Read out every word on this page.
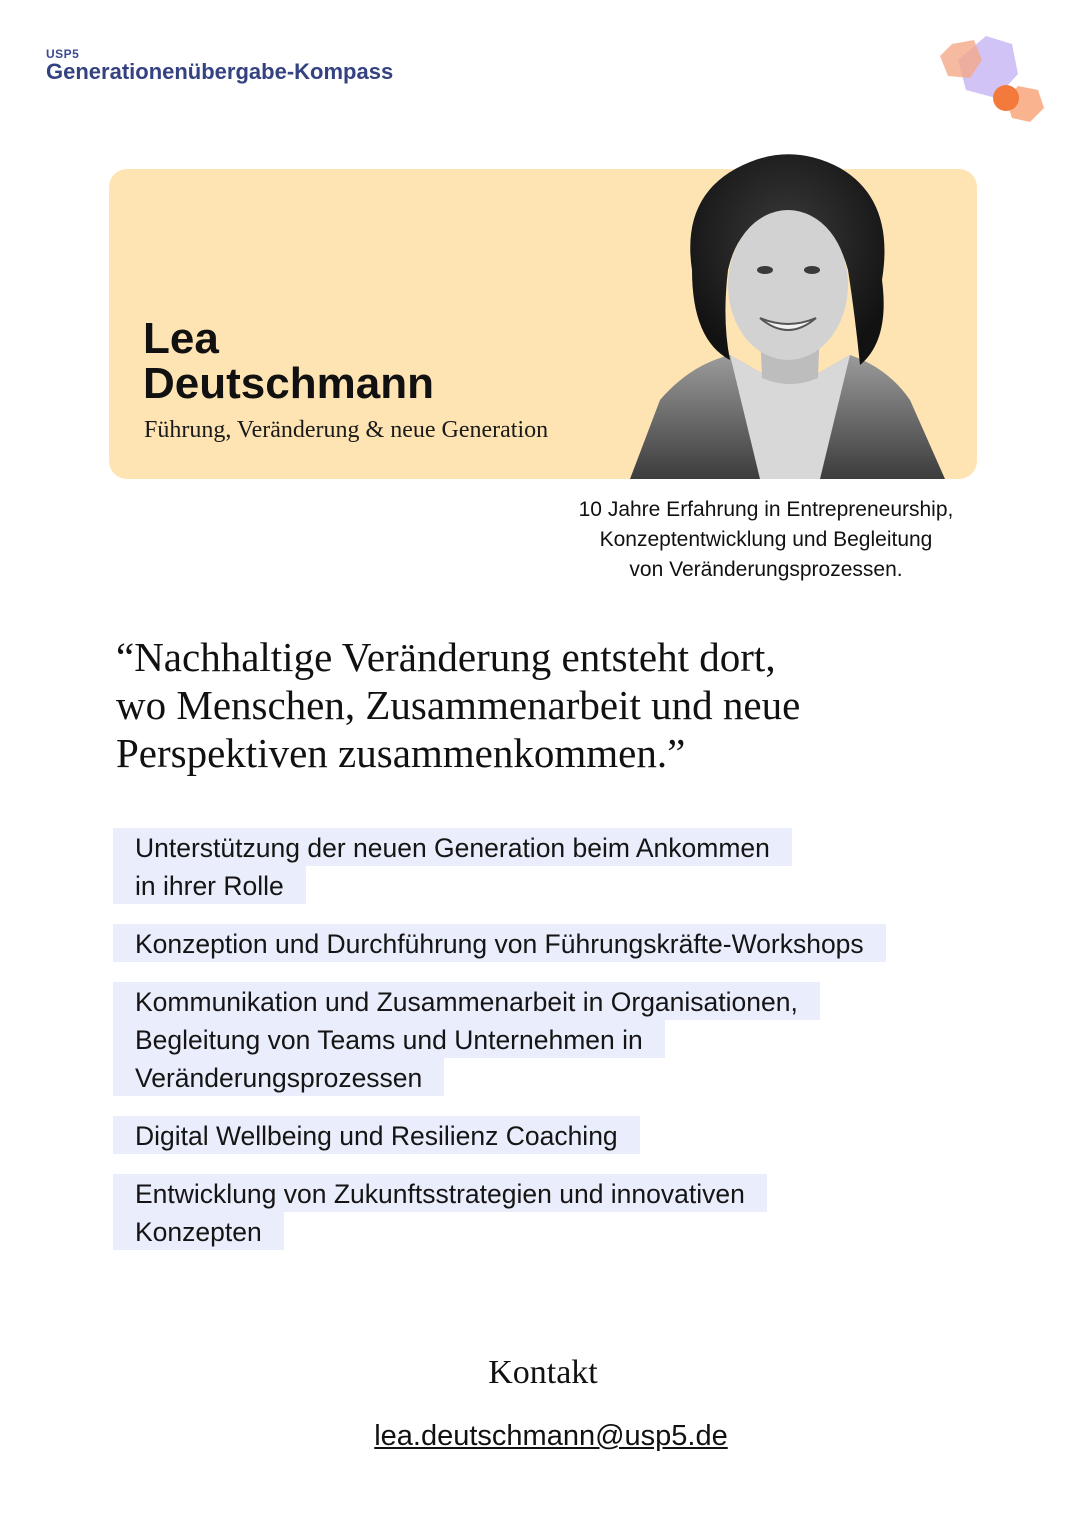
USP5
Generationenübergabe-Kompass
Lea
Deutschmann
Führung, Veränderung & neue Generation
10 Jahre Erfahrung in Entrepreneurship,
Konzeptentwicklung und Begleitung
von Veränderungsprozessen.
“Nachhaltige Veränderung entsteht dort,
wo Menschen, Zusammenarbeit und neue
Perspektiven zusammenkommen.”
Unterstützung der neuen Generation beim Ankommen
in ihrer Rolle
Konzeption und Durchführung von Führungskräfte-Workshops
Kommunikation und Zusammenarbeit in Organisationen,
Begleitung von Teams und Unternehmen in
Veränderungsprozessen
Digital Wellbeing und Resilienz Coaching
Entwicklung von Zukunftsstrategien und innovativen
Konzepten
Kontakt
lea.deutschmann@usp5.de
